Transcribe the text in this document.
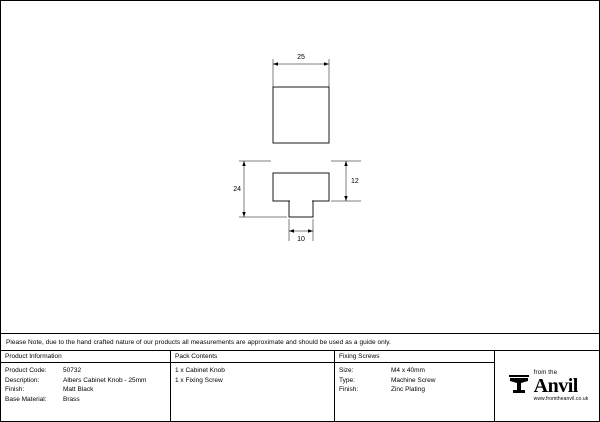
25
24
12
10
Please Note, due to the hand crafted nature of our products all measurements are approximate and should be used as a guide only.
Product Information
Product Code:	50732
Description:	Albers Cabinet Knob - 25mm
Finish:	Matt Black
Base Material:	Brass
Pack Contents
1 x Cabinet Knob
1 x Fixing Screw
Fixing Screws
Size:	M4 x 40mm
Type:	Machine Screw
Finish:	Zinc Plating
from the
Anvil
www.fromtheanvil.co.uk
